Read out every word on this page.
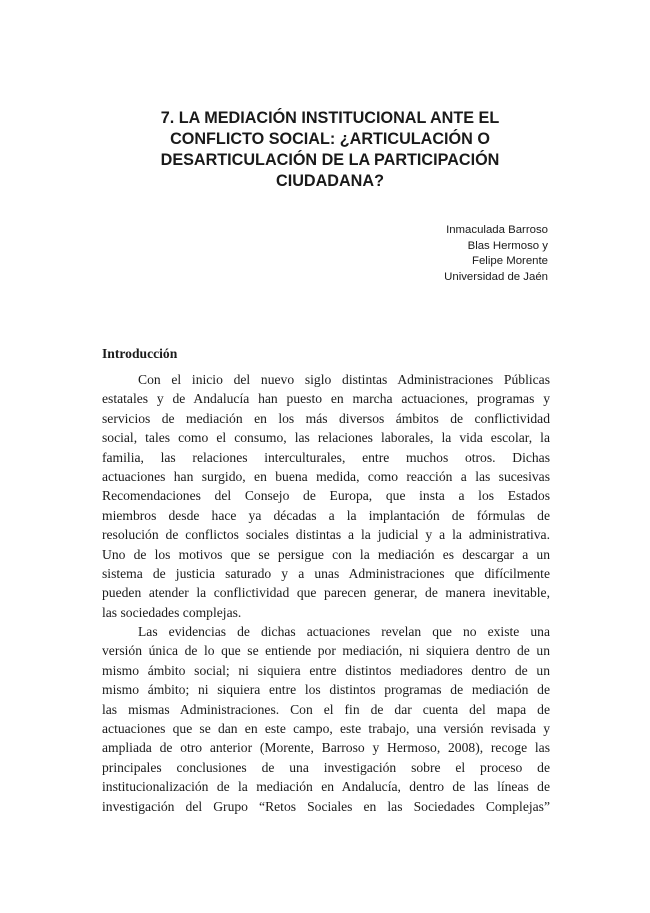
7. LA MEDIACIÓN INSTITUCIONAL ANTE EL
CONFLICTO SOCIAL: ¿ARTICULACIÓN O
DESARTICULACIÓN DE LA PARTICIPACIÓN
CIUDADANA?
Inmaculada Barroso
Blas Hermoso y
Felipe Morente
Universidad de Jaén
Introducción

Con el inicio del nuevo siglo distintas Administraciones Públicas
estatales y de Andalucía han puesto en marcha actuaciones, programas y
servicios de mediación en los más diversos ámbitos de conflictividad
social, tales como el consumo, las relaciones laborales, la vida escolar, la
familia, las relaciones interculturales, entre muchos otros. Dichas
actuaciones han surgido, en buena medida, como reacción a las sucesivas
Recomendaciones del Consejo de Europa, que insta a los Estados
miembros desde hace ya décadas a la implantación de fórmulas de
resolución de conflictos sociales distintas a la judicial y a la administrativa.
Uno de los motivos que se persigue con la mediación es descargar a un
sistema de justicia saturado y a unas Administraciones que difícilmente
pueden atender la conflictividad que parecen generar, de manera inevitable,
las sociedades complejas.

Las evidencias de dichas actuaciones revelan que no existe una
versión única de lo que se entiende por mediación, ni siquiera dentro de un
mismo ámbito social; ni siquiera entre distintos mediadores dentro de un
mismo ámbito; ni siquiera entre los distintos programas de mediación de
las mismas Administraciones. Con el fin de dar cuenta del mapa de
actuaciones que se dan en este campo, este trabajo, una versión revisada y
ampliada de otro anterior (Morente, Barroso y Hermoso, 2008), recoge las
principales conclusiones de una investigación sobre el proceso de
institucionalización de la mediación en Andalucía, dentro de las líneas de
investigación del Grupo “Retos Sociales en las Sociedades Complejas”
